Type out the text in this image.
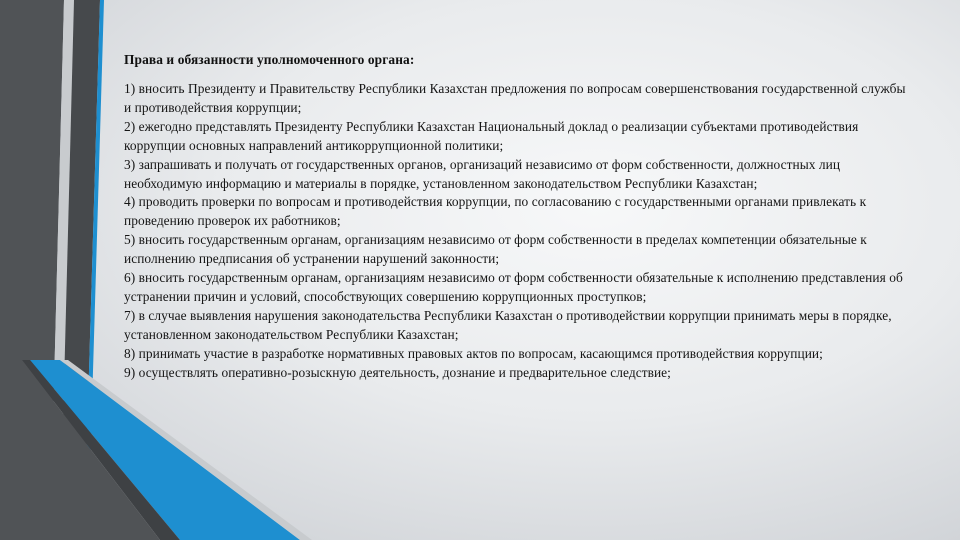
Права и обязанности уполномоченного органа:

1) вносить Президенту и Правительству Республики Казахстан предложения по вопросам совершенствования государственной службы и противодействия коррупции;

2) ежегодно представлять Президенту Республики Казахстан Национальный доклад о реализации субъектами противодействия коррупции основных направлений антикоррупционной политики;

3) запрашивать и получать от государственных органов, организаций независимо от форм собственности, должностных лиц необходимую информацию и материалы в порядке, установленном законодательством Республики Казахстан;

4) проводить проверки по вопросам и противодействия коррупции, по согласованию с государственными органами привлекать к проведению проверок их работников;

5) вносить государственным органам, организациям независимо от форм собственности в пределах компетенции обязательные к исполнению предписания об устранении нарушений законности;

6) вносить государственным органам, организациям независимо от форм собственности обязательные к исполнению представления об устранении причин и условий, способствующих совершению коррупционных проступков;

7) в случае выявления нарушения законодательства Республики Казахстан о противодействии коррупции принимать меры в порядке, установленном законодательством Республики Казахстан;

8) принимать участие в разработке нормативных правовых актов по вопросам, касающимся противодействия коррупции;

9) осуществлять оперативно-розыскную деятельность, дознание и предварительное следствие;
